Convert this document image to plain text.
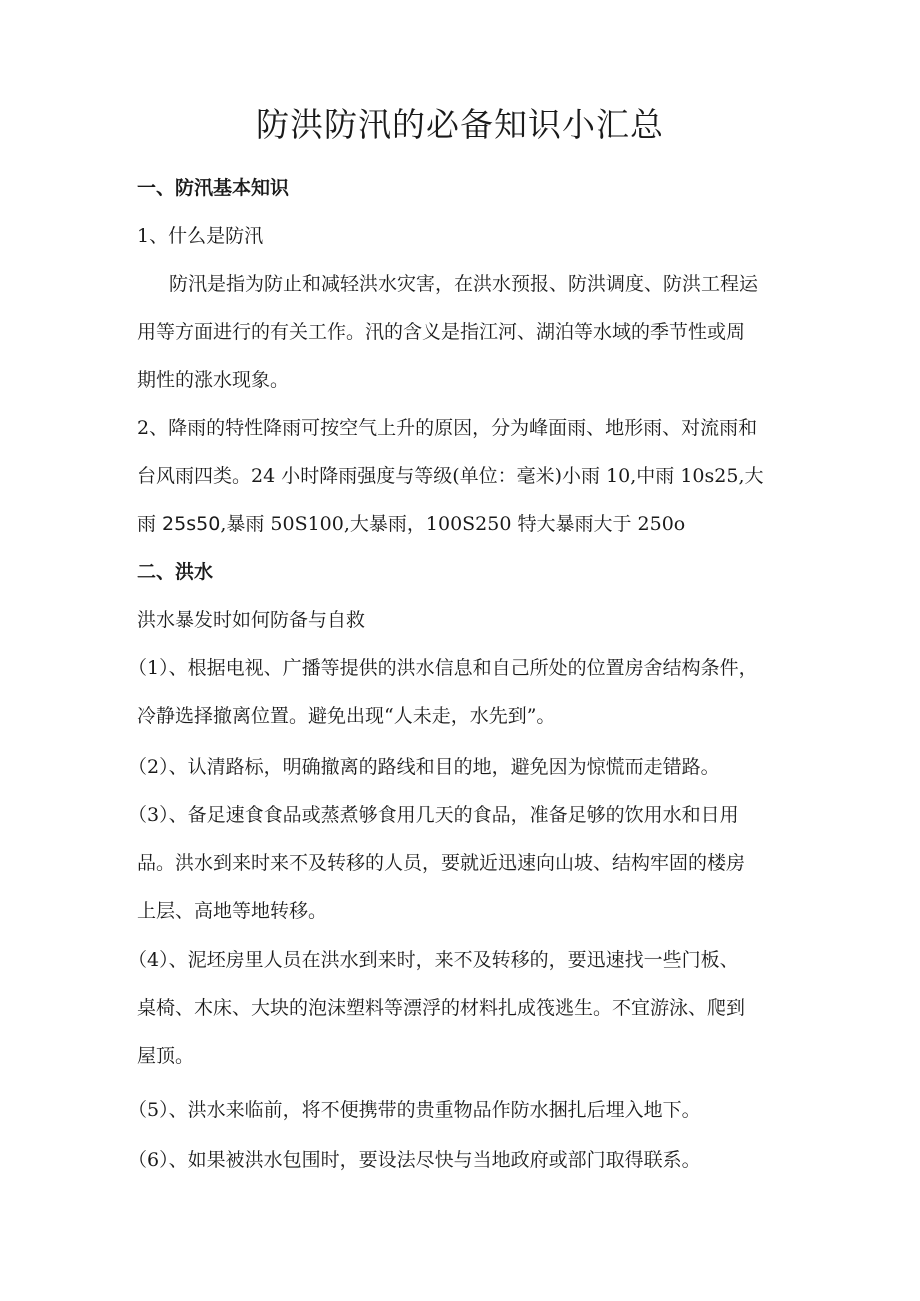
防洪防汛的必备知识小汇总
一、防汛基本知识
1、什么是防汛
防汛是指为防止和减轻洪水灾害，在洪水预报、防洪调度、防洪工程运
用等方面进行的有关工作。汛的含义是指江河、湖泊等水域的季节性或周
期性的涨水现象。
2、降雨的特性降雨可按空气上升的原因，分为峰面雨、地形雨、对流雨和
台风雨四类。24 小时降雨强度与等级(单位：毫米)小雨 10,中雨 10s25,大
雨 25s50,暴雨 50S100,大暴雨，100S250 特大暴雨大于 250o
二、洪水
洪水暴发时如何防备与自救
（1）、根据电视、广播等提供的洪水信息和自己所处的位置房舍结构条件，
冷静选择撤离位置。避免出现“人未走，水先到”。
（2）、认清路标，明确撤离的路线和目的地，避免因为惊慌而走错路。
（3）、备足速食食品或蒸煮够食用几天的食品，准备足够的饮用水和日用
品。洪水到来时来不及转移的人员，要就近迅速向山坡、结构牢固的楼房
上层、高地等地转移。
（4）、泥坯房里人员在洪水到来时，来不及转移的，要迅速找一些门板、
桌椅、木床、大块的泡沫塑料等漂浮的材料扎成筏逃生。不宜游泳、爬到
屋顶。
（5）、洪水来临前，将不便携带的贵重物品作防水捆扎后埋入地下。
（6）、如果被洪水包围时，要设法尽快与当地政府或部门取得联系。
